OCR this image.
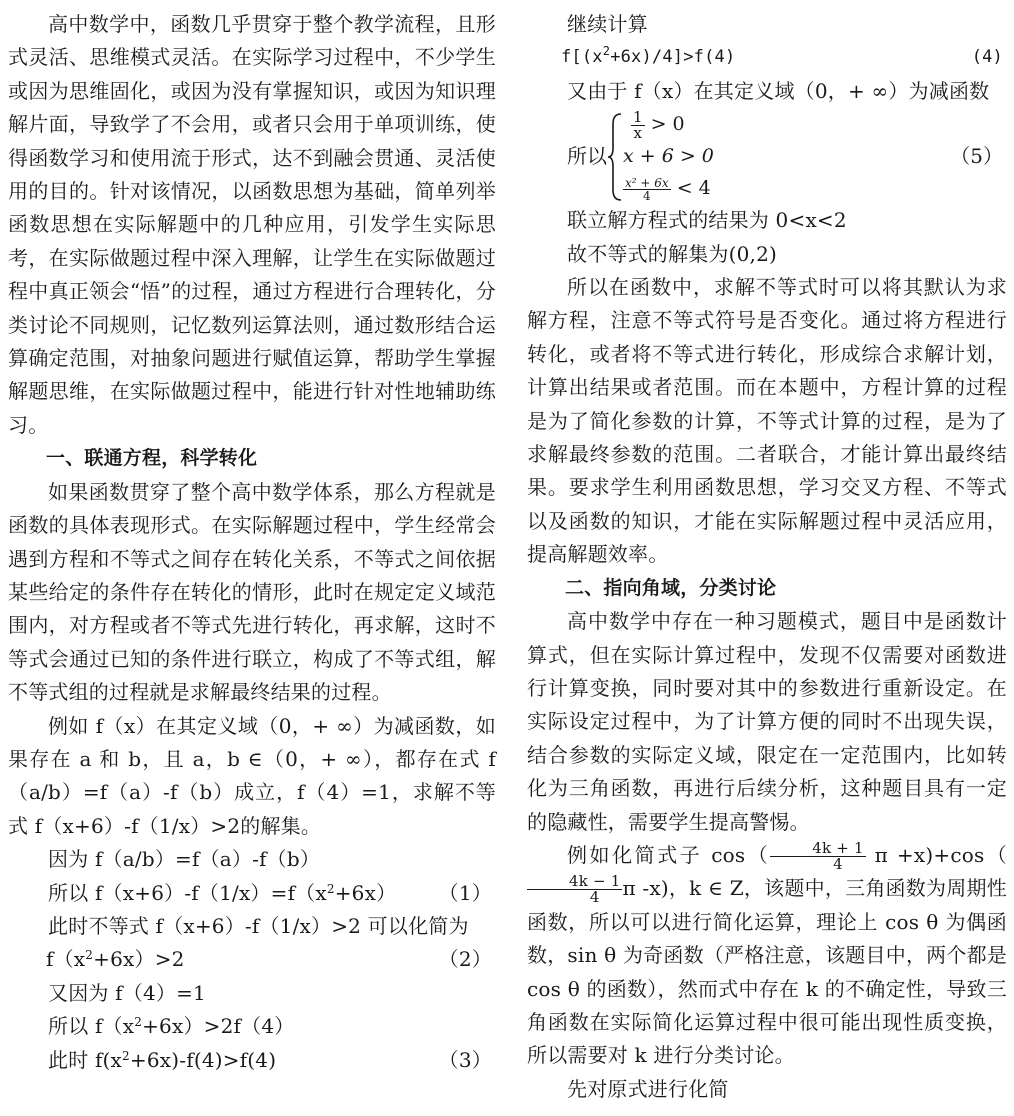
高中数学中，函数几乎贯穿于整个教学流程，且形式灵活、思维模式灵活。在实际学习过程中，不少学生或因为思维固化，或因为没有掌握知识，或因为知识理解片面，导致学了不会用，或者只会用于单项训练，使得函数学习和使用流于形式，达不到融会贯通、灵活使用的目的。针对该情况，以函数思想为基础，简单列举函数思想在实际解题中的几种应用，引发学生实际思考，在实际做题过程中深入理解，让学生在实际做题过程中真正领会“悟”的过程，通过方程进行合理转化，分类讨论不同规则，记忆数列运算法则，通过数形结合运算确定范围，对抽象问题进行赋值运算，帮助学生掌握解题思维，在实际做题过程中，能进行针对性地辅助练习。

一、联通方程，科学转化

如果函数贯穿了整个高中数学体系，那么方程就是函数的具体表现形式。在实际解题过程中，学生经常会遇到方程和不等式之间存在转化关系，不等式之间依据某些给定的条件存在转化的情形，此时在规定定义域范围内，对方程或者不等式先进行转化，再求解，这时不等式会通过已知的条件进行联立，构成了不等式组，解不等式组的过程就是求解最终结果的过程。

例如 f（x）在其定义域（0，+ ∞）为减函数，如果存在 a 和 b，且 a，b ∈（0，+ ∞），都存在式 f（a/b）=f（a）-f（b）成立，f（4）=1，求解不等式 f（x+6）-f（1/x）>2的解集。

因为 f（a/b）=f（a）-f（b）

所以 $f(x+6)-f(1/x)=f(x^2+6x)$ （1）

此时不等式 f（x+6）-f（1/x）>2 可以化简为

$f(x^2+6x)>2$	（2）

又因为 f（4）=1

所以 $f(x^2+6x)>2f(4)$

此时 $f(x^2+6x)-f(4)>f(4)$	（3）

继续计算

$f[(x^2+6x)/4]>f(4)$	(4)

又由于 f（x）在其定义域（0，+ ∞）为减函数

所以
$\frac{1}{x} > 0$
x + 6 > 0
$\frac{\text{x² + 6x}}{4} < 4$
（5）

联立解方程式的结果为 0<x<2

故不等式的解集为(0,2)

所以在函数中，求解不等式时可以将其默认为求解方程，注意不等式符号是否变化。通过将方程进行转化，或者将不等式进行转化，形成综合求解计划，计算出结果或者范围。而在本题中，方程计算的过程是为了简化参数的计算，不等式计算的过程，是为了求解最终参数的范围。二者联合，才能计算出最终结果。要求学生利用函数思想，学习交叉方程、不等式以及函数的知识，才能在实际解题过程中灵活应用，提高解题效率。

二、指向角域，分类讨论

高中数学中存在一种习题模式，题目中是函数计算式，但在实际计算过程中，发现不仅需要对函数进行计算变换，同时要对其中的参数进行重新设定。在实际设定过程中，为了计算方便的同时不出现失误，结合参数的实际定义域，限定在一定范围内，比如转化为三角函数，再进行后续分析，这种题目具有一定的隐藏性，需要学生提高警惕。

例如化简式子 $\cos( \frac{4k + 1}{4}$ π +x)+cos（
$\frac{4k - 1}{4}$ π -x)，k ∈ Z，该题中，三角函数为周期性函数，所以可以进行简化运算，理论上 cos θ 为偶函数，sin θ 为奇函数（严格注意，该题目中，两个都是 cos θ 的函数），然而式中存在 k 的不确定性，导致三角函数在实际简化运算过程中很可能出现性质变换，所以需要对 k 进行分类讨论。

先对原式进行化简
